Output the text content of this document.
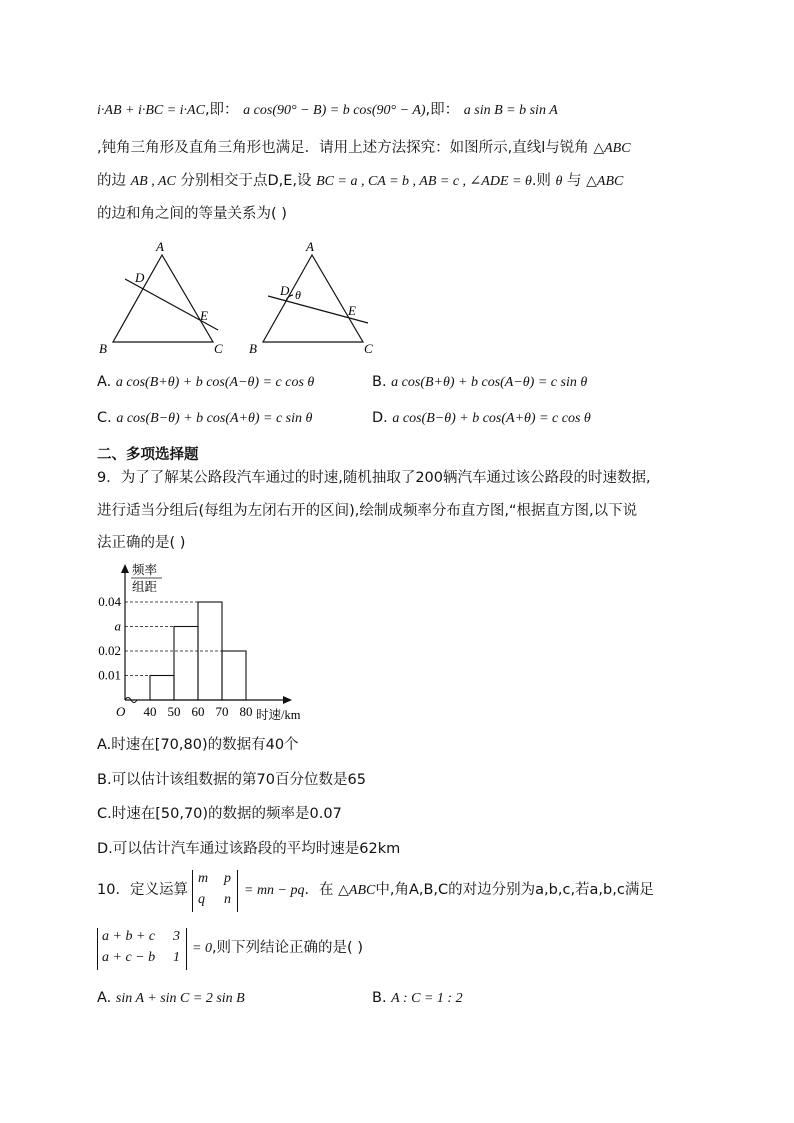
i·AB + i·BC = i·AC,即： a cos(90° − B) = b cos(90° − A),即： a sin B = b sin A
,钝角三角形及直角三角形也满足．请用上述方法探究：如图所示,直线l与锐角 △ABC
的边 AB , AC 分别相交于点D,E,设 BC = a , CA = b , AB = c , ∠ADE = θ.则 θ 与 △ABC
的边和角之间的等量关系为( )
A
D
E
B	C
A
D θ
E
B	C
A. a cos(B+θ) + b cos(A−θ) = c cos θ	B. a cos(B+θ) + b cos(A−θ) = c sin θ
C. a cos(B−θ) + b cos(A+θ) = c sin θ	D. a cos(B−θ) + b cos(A+θ) = c cos θ
二、多项选择题
9．为了了解某公路段汽车通过的时速,随机抽取了200辆汽车通过该公路段的时速数据,
进行适当分组后(每组为左闭右开的区间),绘制成频率分布直方图,“根据直方图,以下说
法正确的是( )
频率
组距
O	时速/km
0.04
a
0.02
0.01
40 50 60 70 80
A.时速在[70,80)的数据有40个
B.可以估计该组数据的第70百分位数是65
C.时速在[50,70)的数据的频率是0.07
D.可以估计汽车通过该路段的平均时速是62km
10．定义运算
m p
q n
= mn − pq．在 △ABC中,角A,B,C的对边分别为a,b,c,若a,b,c满足
a + b + c 3
a + c − b 1
= 0,则下列结论正确的是( )
A. sin A + sin C = 2 sin B	B. A : C = 1 : 2
